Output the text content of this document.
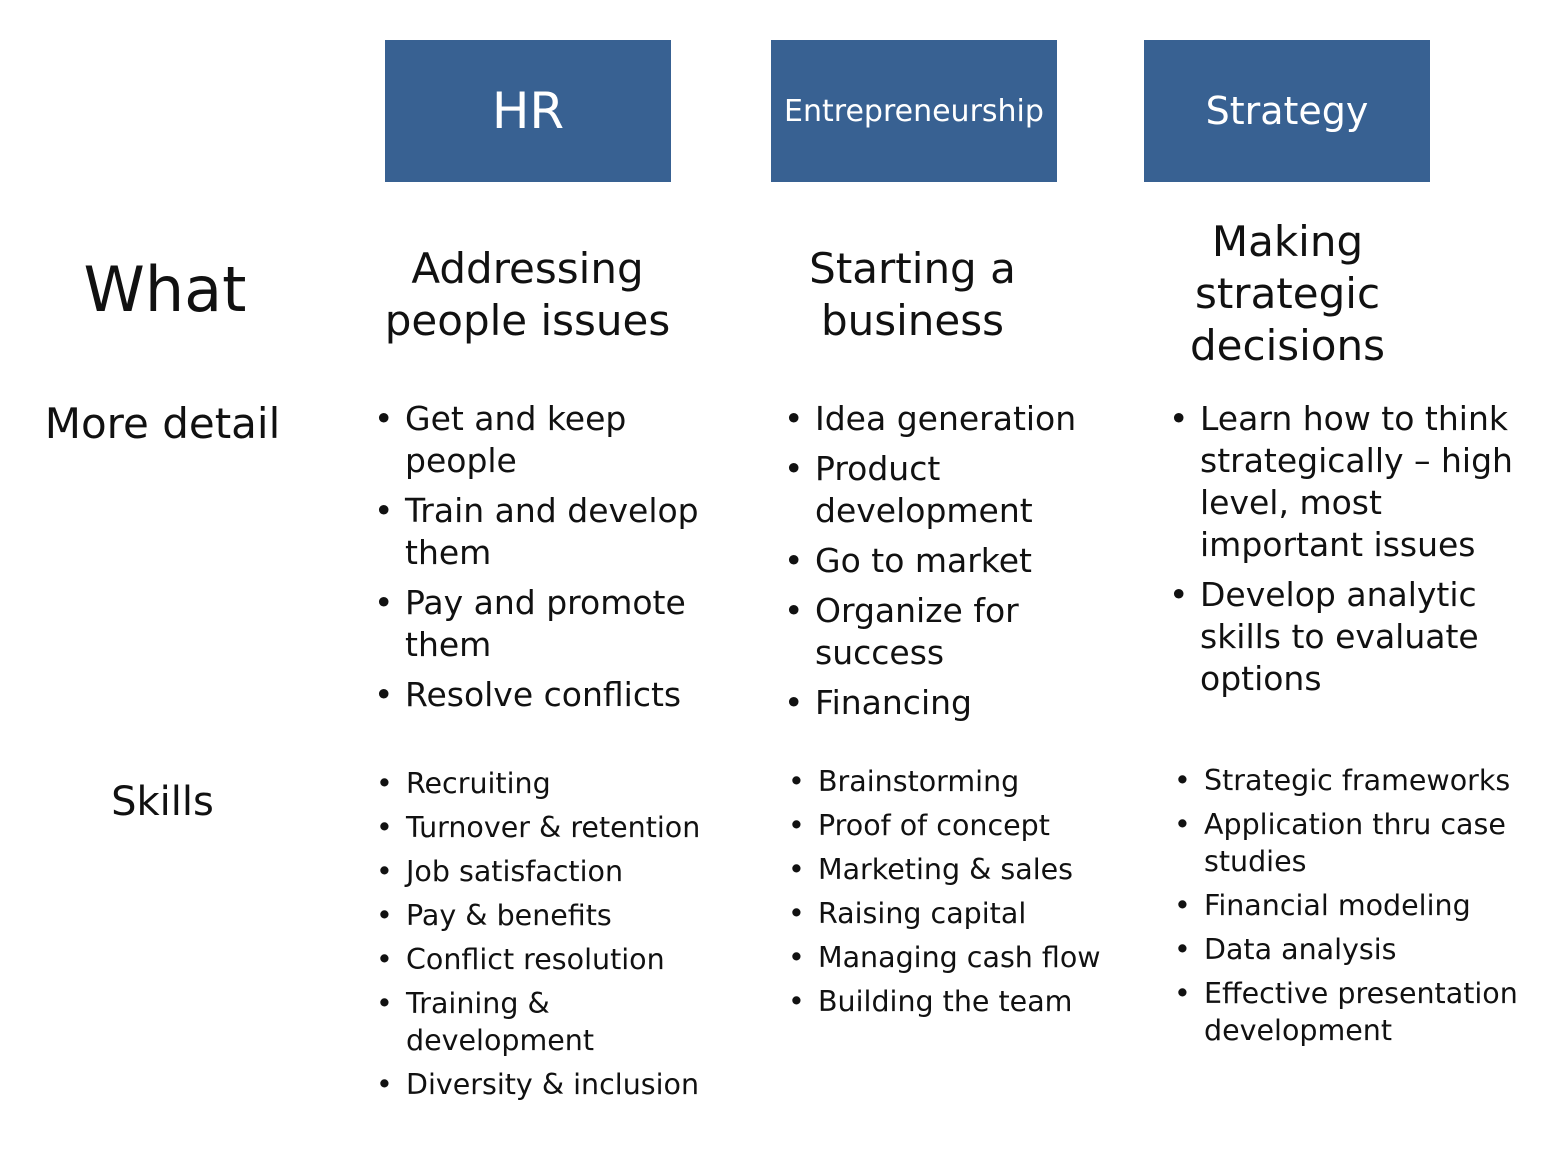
HR	Entrepreneurship	Strategy
What
More detail
Skills
Addressing people issues
Starting a business
Making strategic decisions
• Get and keep people
• Train and develop them
• Pay and promote them
• Resolve conflicts
• Idea generation
• Product development
• Go to market
• Organize for success
• Financing
• Learn how to think strategically – high level, most important issues
• Develop analytic skills to evaluate options
• Recruiting
• Turnover & retention
• Job satisfaction
• Pay & benefits
• Conflict resolution
• Training & development
• Diversity & inclusion
• Brainstorming
• Proof of concept
• Marketing & sales
• Raising capital
• Managing cash flow
• Building the team
• Strategic frameworks
• Application thru case studies
• Financial modeling
• Data analysis
• Effective presentation development
